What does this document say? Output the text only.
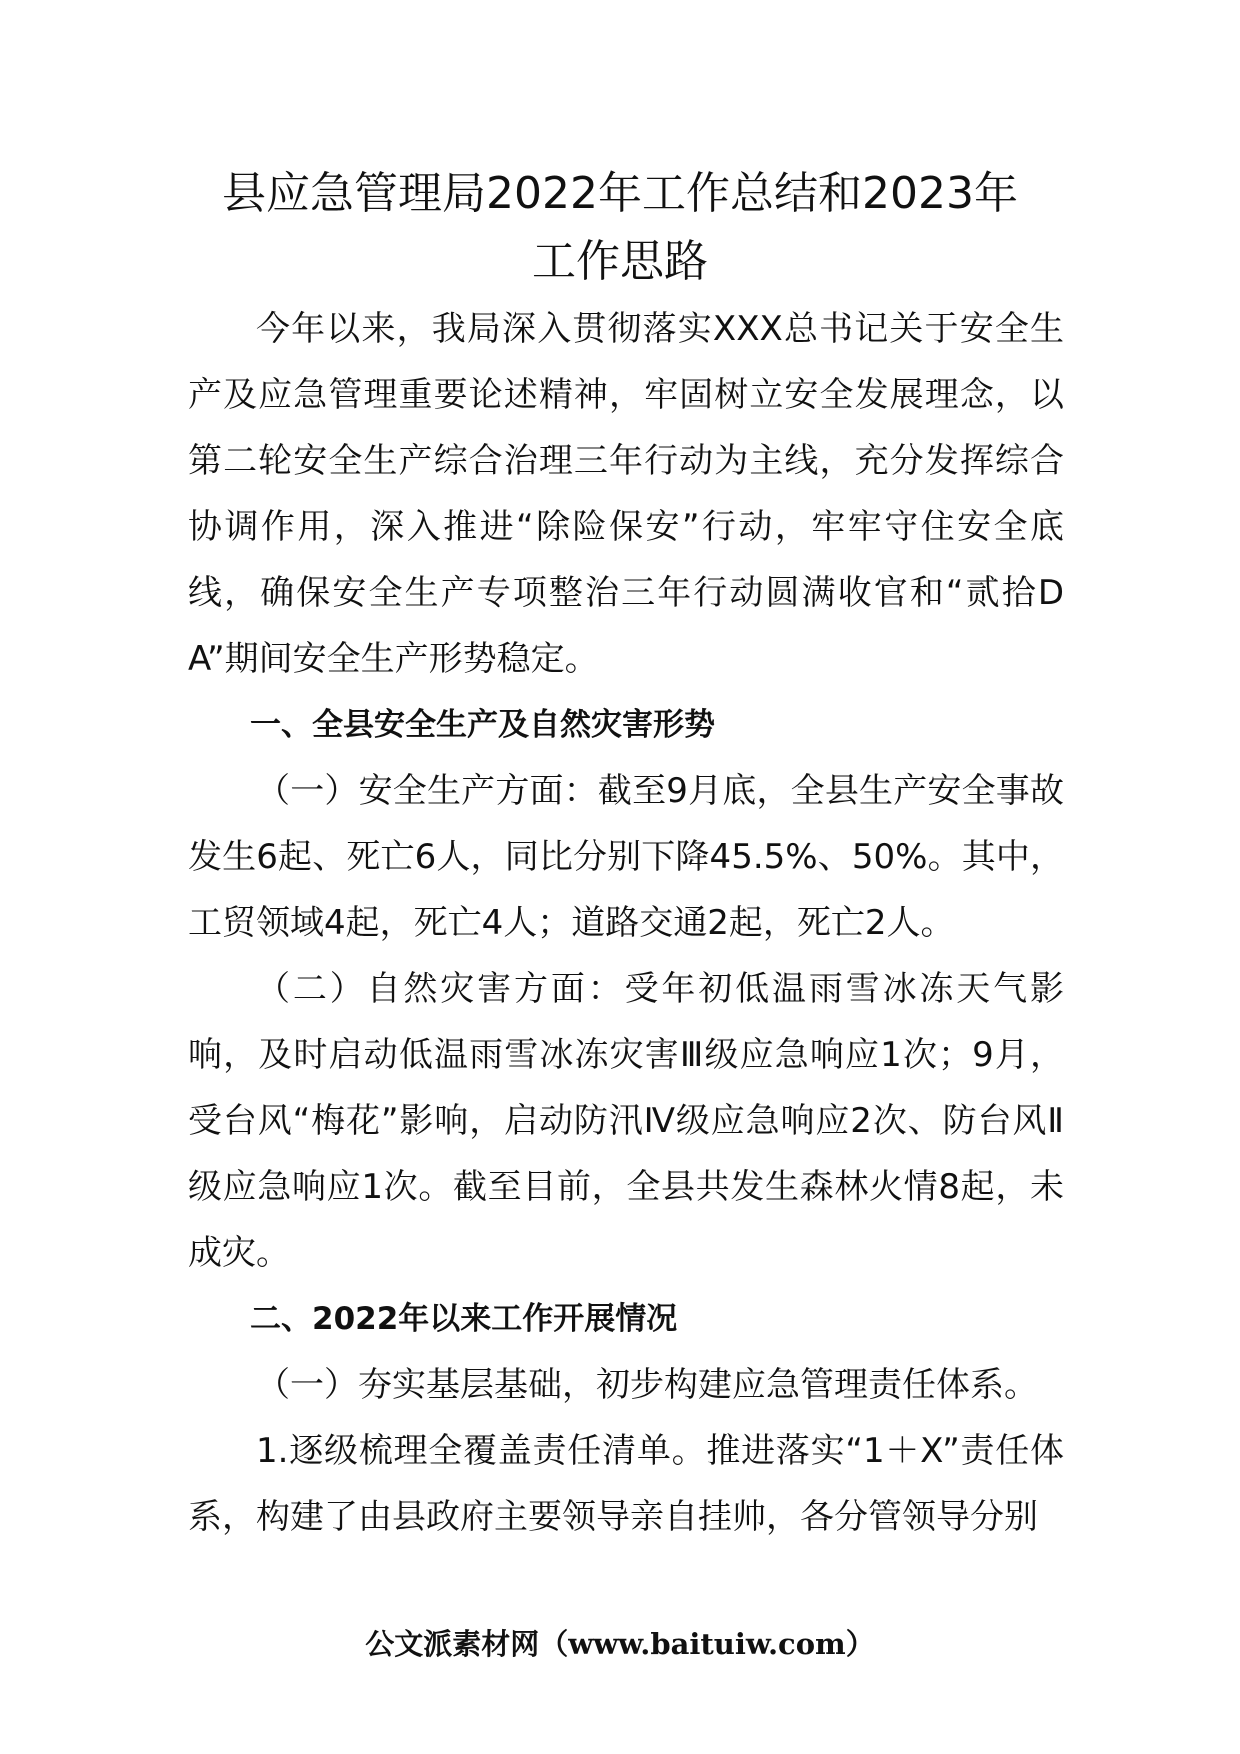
县应急管理局2022年工作总结和2023年
工作思路

今年以来，我局深入贯彻落实XXX总书记关于安全生产及应急管理重要论述精神，牢固树立安全发展理念，以第二轮安全生产综合治理三年行动为主线，充分发挥综合协调作用，深入推进“除险保安”行动，牢牢守住安全底线，确保安全生产专项整治三年行动圆满收官和“贰拾DA”期间安全生产形势稳定。

一、全县安全生产及自然灾害形势

（一）安全生产方面：截至9月底，全县生产安全事故发生6起、死亡6人，同比分别下降45.5%、50%。其中，工贸领域4起，死亡4人；道路交通2起，死亡2人。

（二）自然灾害方面：受年初低温雨雪冰冻天气影响，及时启动低温雨雪冰冻灾害Ⅲ级应急响应1次；9月，受台风“梅花”影响，启动防汛Ⅳ级应急响应2次、防台风Ⅱ级应急响应1次。截至目前，全县共发生森林火情8起，未成灾。

二、2022年以来工作开展情况

（一）夯实基层基础，初步构建应急管理责任体系。

1.逐级梳理全覆盖责任清单。推进落实“1＋X”责任体系，构建了由县政府主要领导亲自挂帅，各分管领导分别

公文派素材网（www.baituiw.com）
